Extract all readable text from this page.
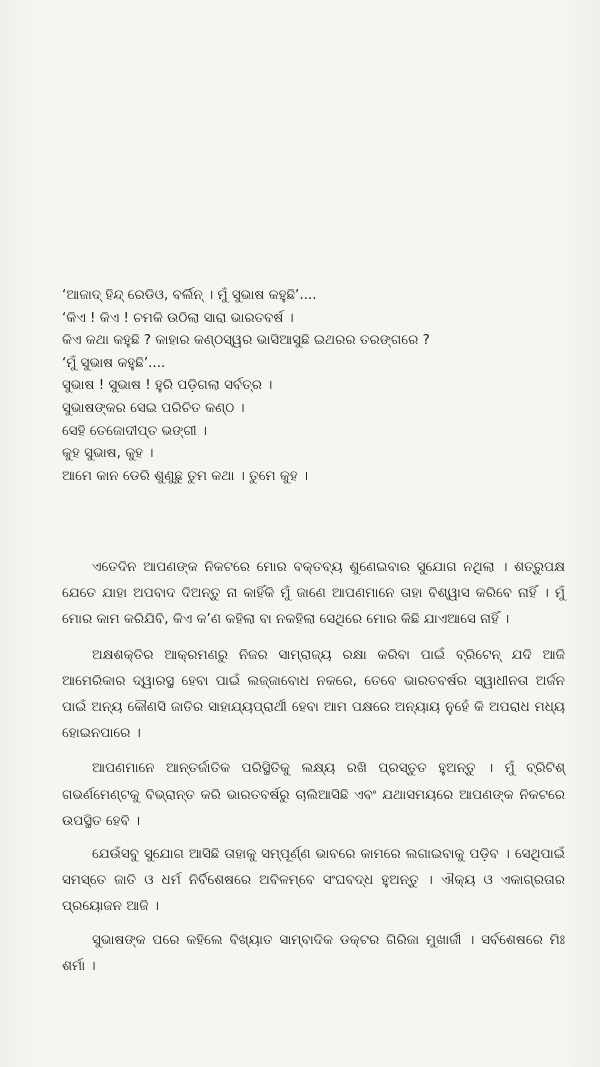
‘ଆଜାଦ୍ ହିନ୍ଦ୍ ରେଡିଓ, ବର୍ଲିନ୍ । ମୁଁ ସୁଭାଷ କହୁଛି’....
‘କିଏ ! କିଏ ! ଚମକି ଉଠିଲା ସାରା ଭାରତବର୍ଷ ।
କିଏ କଥା କହୁଛି ? କାହାର କଣ୍ଠସ୍ୱର ଭାସିଆସୁଛି ଇଥରର ତରଙ୍ଗରେ ?
‘ମୁଁ ସୁଭାଷ କହୁଛି’....
ସୁଭାଷ ! ସୁଭାଷ ! ହୁରି ପଡ଼ିଗଲା ସର୍ବତ୍ର ।
ସୁଭାଷଙ୍କର ସେଇ ପରିଚିତ କଣ୍ଠ ।
ସେହି ତେଜୋଦୀପ୍ତ ଭଙ୍ଗୀ ।
କୁହ ସୁଭାଷ, କୁହ ।
ଆମେ କାନ ଡେରି ଶୁଣୁଛୁ ତୁମ କଥା । ତୁମେ କୁହ ।

ଏତେଦିନ ଆପଣଙ୍କ ନିକଟରେ ମୋର ବକ୍ତବ୍ୟ ଶୁଣେଇବାର ସୁଯୋଗ ନଥିଲା । ଶତ୍ରୁପକ୍ଷ ଯେତେ ଯାହା ଅପବାଦ ଦିଅନ୍ତୁ ନା କାହିଁକି ମୁଁ ଜାଣେ ଆପଣମାନେ ତାହା ବିଶ୍ୱାସ କରିବେ ନାହିଁ । ମୁଁ ମୋର କାମ କରିଯିବି, କିଏ କ’ଣ କହିଲା ବା ନକହିଲା ସେଥିରେ ମୋର କିଛି ଯାଏଆସେ ନାହିଁ ।

ଅକ୍ଷଶକ୍ତିର ଆକ୍ରମଣରୁ ନିଜର ସାମ୍ରାଜ୍ୟ ରକ୍ଷା କରିବା ପାଇଁ ବ୍ରିଟେନ୍ ଯଦି ଆଜି ଆମେରିକାର ଦ୍ୱାରସ୍ଥ ହେବା ପାଇଁ ଲଜ୍ଜାବୋଧ ନକରେ, ତେବେ ଭାରତବର୍ଷର ସ୍ୱାଧୀନତା ଅର୍ଜନ ପାଇଁ ଅନ୍ୟ କୌଣସି ଜାତିର ସାହାଯ୍ୟପ୍ରାର୍ଥୀ ହେବା ଆମ ପକ୍ଷରେ ଅନ୍ୟାୟ ନୁହେଁ କି ଅପରାଧ ମଧ୍ୟ ହୋଇନପାରେ ।

ଆପଣମାନେ ଆନ୍ତର୍ଜାତିକ ପରିସ୍ଥିତିକୁ ଲକ୍ଷ୍ୟ ରଖି ପ୍ରସ୍ତୁତ ହୁଅନ୍ତୁ । ମୁଁ ବ୍ରିଟିଶ୍ ଗଭର୍ଣମେଣ୍ଟକୁ ବିଭ୍ରାନ୍ତ କରି ଭାରତବର୍ଷରୁ ଚାଲିଆସିଛି ଏବଂ ଯଥାସମୟରେ ଆପଣଙ୍କ ନିକଟରେ ଉପସ୍ଥିତ ହେବି ।

ଯେଉଁସବୁ ସୁଯୋଗ ଆସିଛି ତାହାକୁ ସମ୍ପୂର୍ଣ୍ଣ ଭାବରେ କାମରେ ଲଗାଇବାକୁ ପଡ଼ିବ । ସେଥିପାଇଁ ସମସ୍ତେ ଜାତି ଓ ଧର୍ମ ନିର୍ବିଶେଷରେ ଅବିଳମ୍ବେ ସଂଘବଦ୍ଧ ହୁଅନ୍ତୁ । ଐକ୍ୟ ଓ ଏକାଗ୍ରତାର ପ୍ରୟୋଜନ ଆଜି ।

ସୁଭାଷଙ୍କ ପରେ କହିଲେ ବିଖ୍ୟାତ ସାମ୍ବାଦିକ ଡକ୍ଟର ଗିରିଜା ମୁଖାର୍ଜୀ । ସର୍ବଶେଷରେ ମିଃ ଶର୍ମା ।
